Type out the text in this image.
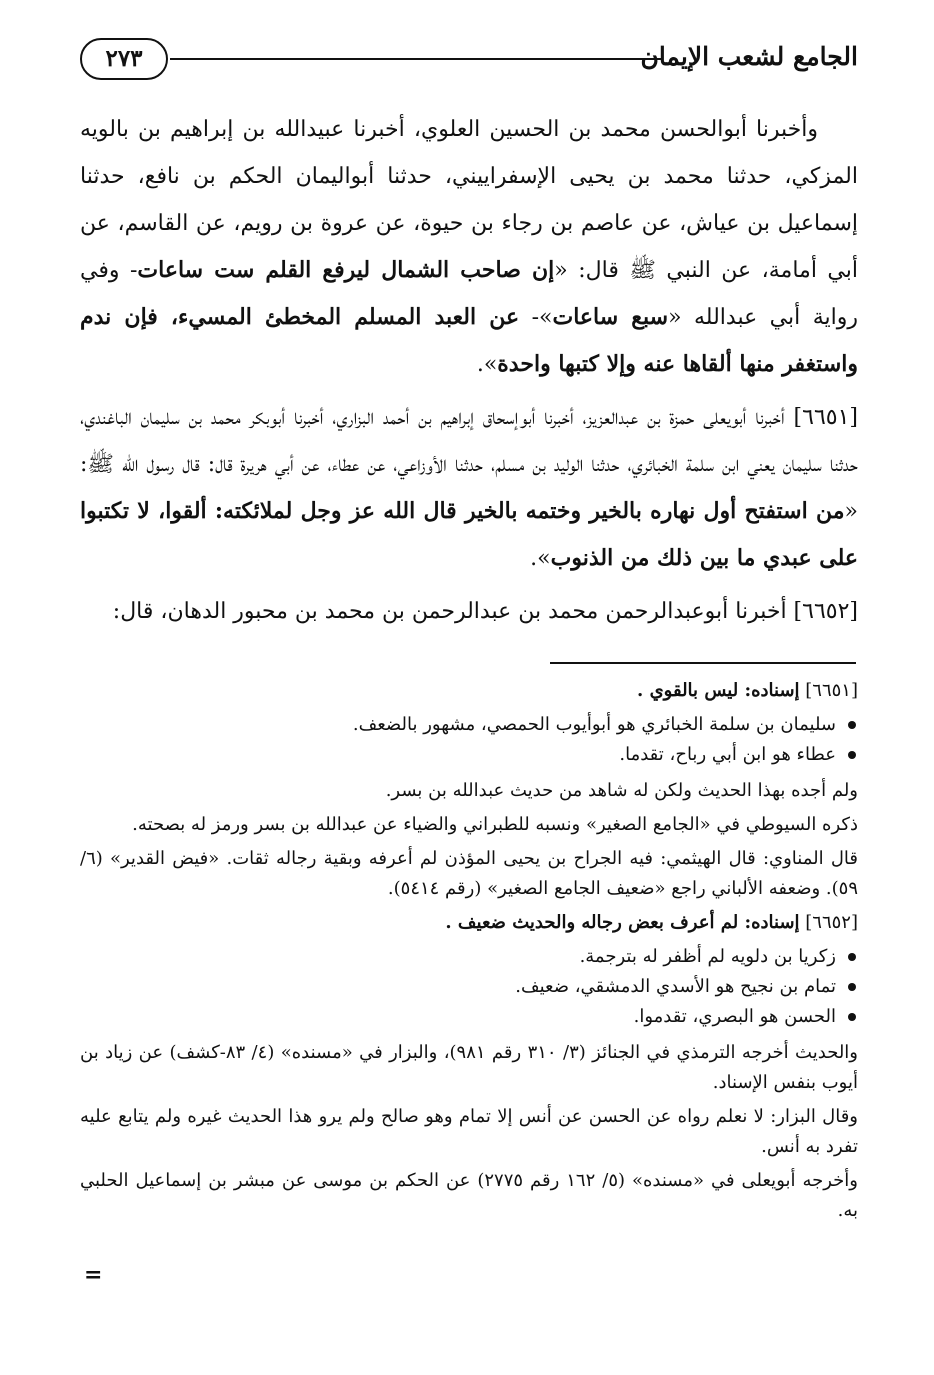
٢٧٣	الجامع لشعب الإيمان

وأخبرنا أبوالحسن محمد بن الحسين العلوي، أخبرنا عبيدالله بن إبراهيم بن بالويه المزكي، حدثنا محمد بن يحيى الإسفراييني، حدثنا أبواليمان الحكم بن نافع، حدثنا إسماعيل بن عياش، عن عاصم بن رجاء بن حيوة، عن عروة بن رويم، عن القاسم، عن أبي أمامة، عن النبي ﷺ قال: «إن صاحب الشمال ليرفع القلم ست ساعات- وفي رواية أبي عبدالله «سبع ساعات»- عن العبد المسلم المخطئ المسيء، فإن ندم واستغفر منها ألقاها عنه وإلا كتبها واحدة».

[٦٦٥١] أخبرنا أبويعلى حمزة بن عبدالعزيز، أخبرنا أبوإسحاق إبراهيم بن أحمد البزاري، أخبرنا أبوبكر محمد بن سليمان الباغندي، حدثنا سليمان يعني ابن سلمة الخبائري، حدثنا الوليد بن مسلم، حدثنا الأوزاعي، عن عطاء، عن أبي هريرة قال: قال رسول الله ﷺ: «من استفتح أول نهاره بالخير وختمه بالخير قال الله عز وجل لملائكته: ألقوا، لا تكتبوا على عبدي ما بين ذلك من الذنوب».

[٦٦٥٢] أخبرنا أبوعبدالرحمن محمد بن عبدالرحمن بن محمد بن محبور الدهان، قال:

[٦٦٥١] إسناده: ليس بالقوي .

سليمان بن سلمة الخبائري هو أبوأيوب الحمصي، مشهور بالضعف.
عطاء هو ابن أبي رباح، تقدما.

ولم أجده بهذا الحديث ولكن له شاهد من حديث عبدالله بن بسر.

ذكره السيوطي في «الجامع الصغير» ونسبه للطبراني والضياء عن عبدالله بن بسر ورمز له بصحته.

قال المناوي: قال الهيثمي: فيه الجراح بن يحيى المؤذن لم أعرفه وبقية رجاله ثقات. «فيض القدير» (٦/ ٥٩). وضعفه الألباني راجع «ضعيف الجامع الصغير» (رقم ٥٤١٤).

[٦٦٥٢] إسناده: لم أعرف بعض رجاله والحديث ضعيف .

زكريا بن دلويه لم أظفر له بترجمة.
تمام بن نجيح هو الأسدي الدمشقي، ضعيف.
الحسن هو البصري، تقدموا.

والحديث أخرجه الترمذي في الجنائز (٣/ ٣١٠ رقم ٩٨١)، والبزار في «مسنده» (٤/ ٨٣-كشف) عن زياد بن أيوب بنفس الإسناد.

وقال البزار: لا نعلم رواه عن الحسن عن أنس إلا تمام وهو صالح ولم يرو هذا الحديث غيره ولم يتابع عليه تفرد به أنس.

وأخرجه أبويعلى في «مسنده» (٥/ ١٦٢ رقم ٢٧٧٥) عن الحكم بن موسى عن مبشر بن إسماعيل الحلبي به.

=
